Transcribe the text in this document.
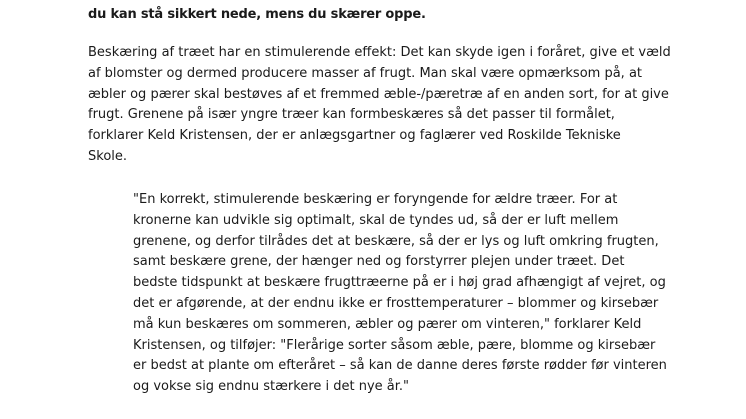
du kan stå sikkert nede, mens du skærer oppe.

Beskæring af træet har en stimulerende effekt: Det kan skyde igen i foråret, give et væld
af blomster og dermed producere masser af frugt. Man skal være opmærksom på, at
æbler og pærer skal bestøves af et fremmed æble-/pæretræ af en anden sort, for at give
frugt. Grenene på især yngre træer kan formbeskæres så det passer til formålet,
forklarer Keld Kristensen, der er anlægsgartner og faglærer ved Roskilde Tekniske
Skole.

"En korrekt, stimulerende beskæring er foryngende for ældre træer. For at
kronerne kan udvikle sig optimalt, skal de tyndes ud, så der er luft mellem
grenene, og derfor tilrådes det at beskære, så der er lys og luft omkring frugten,
samt beskære grene, der hænger ned og forstyrrer plejen under træet. Det
bedste tidspunkt at beskære frugttræerne på er i høj grad afhængigt af vejret, og
det er afgørende, at der endnu ikke er frosttemperaturer – blommer og kirsebær
må kun beskæres om sommeren, æbler og pærer om vinteren," forklarer Keld
Kristensen, og tilføjer: "Flerårige sorter såsom æble, pære, blomme og kirsebær
er bedst at plante om efteråret – så kan de danne deres første rødder før vinteren
og vokse sig endnu stærkere i det nye år."
